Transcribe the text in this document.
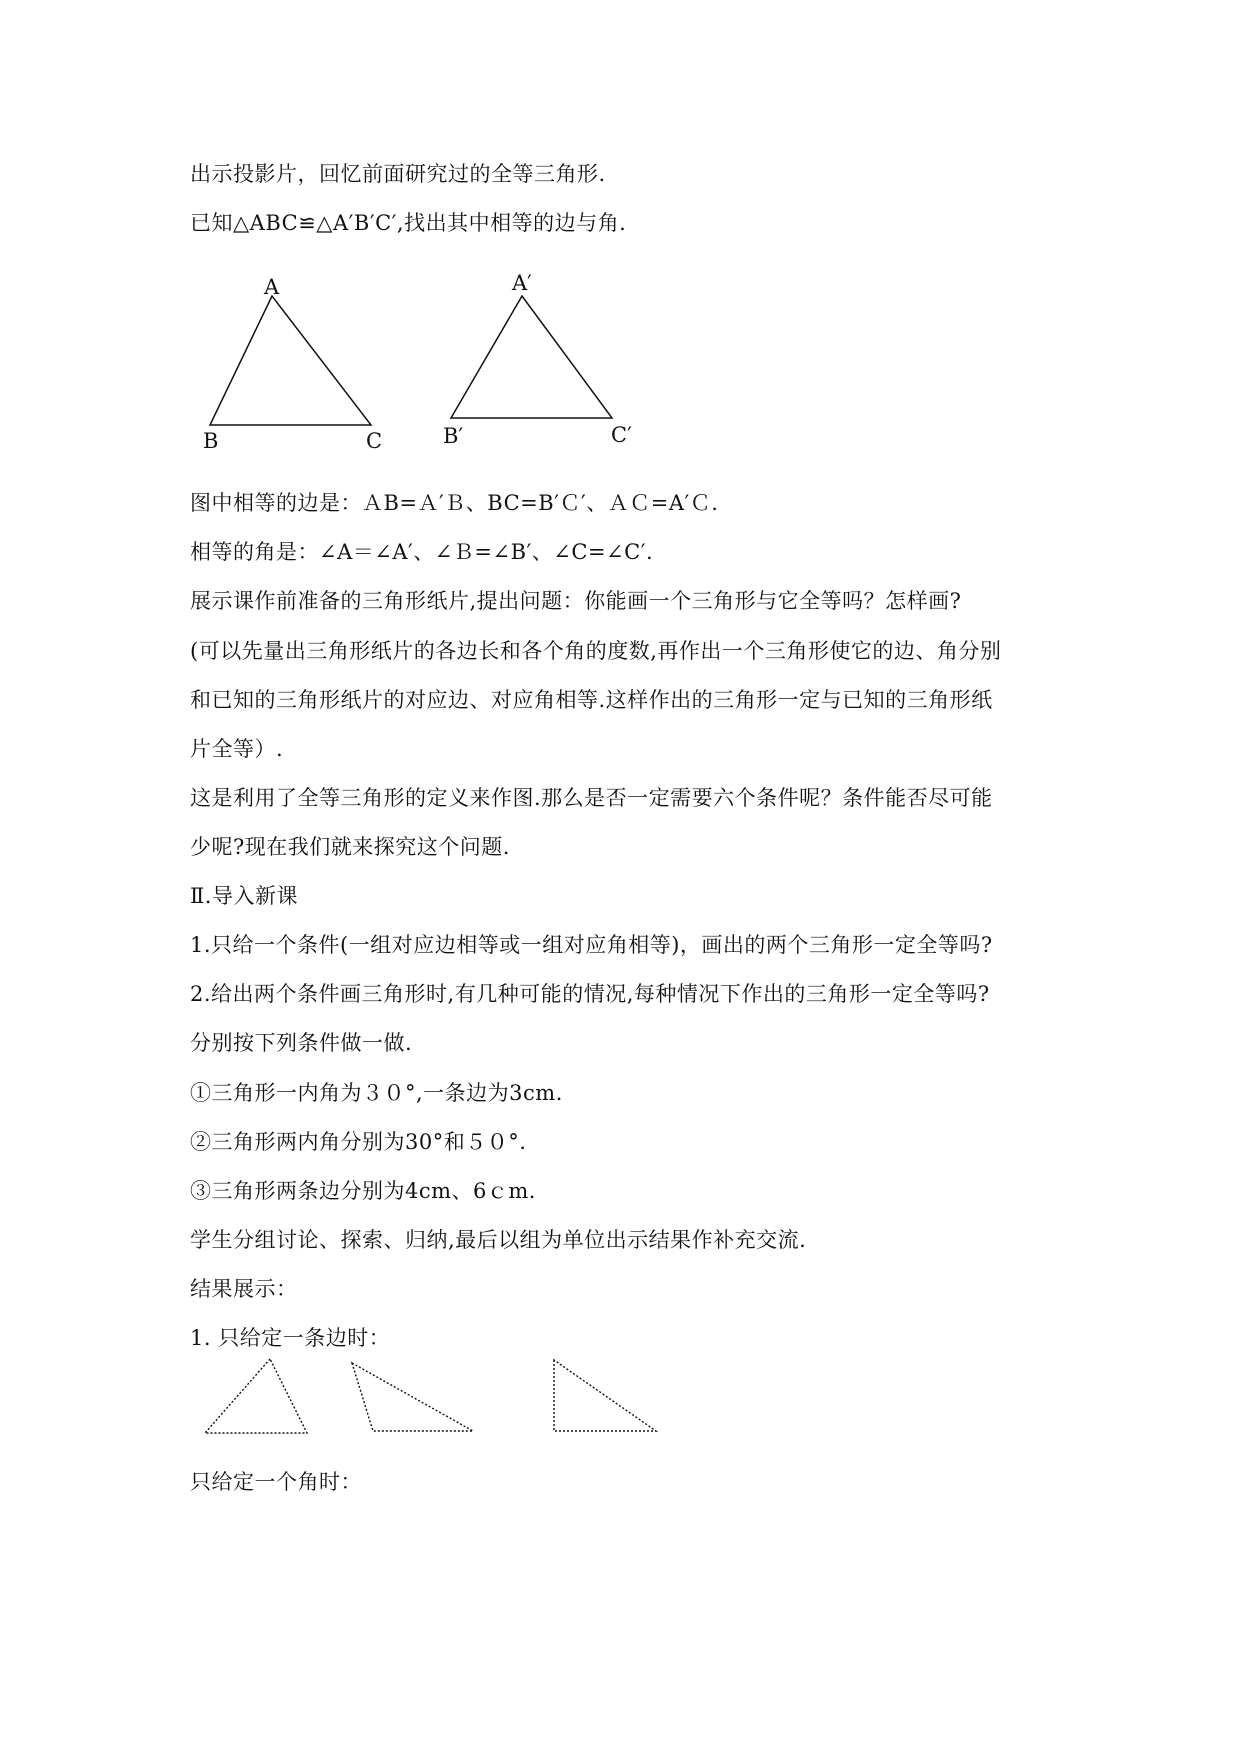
出示投影片，回忆前面研究过的全等三角形.
已知△ABC≌△A′B′C′,找出其中相等的边与角.
A
B	C
A′
B′	C′
图中相等的边是：ＡB=Ａ′Ｂ、BC=B′Ｃ′、ＡＣ=A′Ｃ.
相等的角是：∠A＝∠A′、∠Ｂ=∠B′、∠C=∠C′.
展示课作前准备的三角形纸片,提出问题：你能画一个三角形与它全等吗？怎样画?
(可以先量出三角形纸片的各边长和各个角的度数,再作出一个三角形使它的边、角分别
和已知的三角形纸片的对应边、对应角相等.这样作出的三角形一定与已知的三角形纸
片全等）.
这是利用了全等三角形的定义来作图.那么是否一定需要六个条件呢？条件能否尽可能
少呢?现在我们就来探究这个问题.
Ⅱ.导入新课
1.只给一个条件(一组对应边相等或一组对应角相等)，画出的两个三角形一定全等吗?
2.给出两个条件画三角形时,有几种可能的情况,每种情况下作出的三角形一定全等吗?
分别按下列条件做一做.
①三角形一内角为３０°,一条边为3cm.
②三角形两内角分别为30°和５０°.
③三角形两条边分别为4cm、6ｃm.
学生分组讨论、探索、归纳,最后以组为单位出示结果作补充交流.
结果展示：
1. 只给定一条边时：
只给定一个角时：
